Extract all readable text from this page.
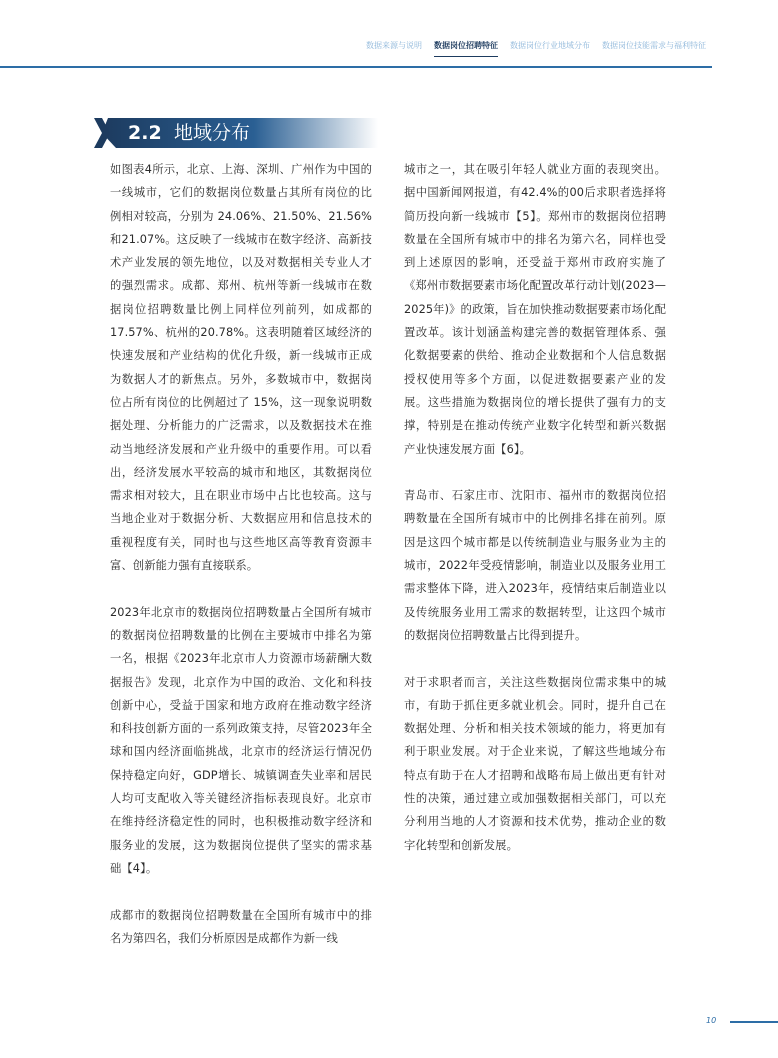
数据来源与说明 数据岗位招聘特征 数据岗位行业地域分布 数据岗位技能需求与福利特征
2.2 地域分布

如图表4所示，北京、上海、深圳、广州作为中国的一线城市，它们的数据岗位数量占其所有岗位的比例相对较高，分别为 24.06%、21.50%、21.56%和21.07%。这反映了一线城市在数字经济、高新技术产业发展的领先地位，以及对数据相关专业人才的强烈需求。成都、郑州、杭州等新一线城市在数据岗位招聘数量比例上同样位列前列，如成都的17.57%、杭州的20.78%。这表明随着区域经济的快速发展和产业结构的优化升级，新一线城市正成为数据人才的新焦点。另外，多数城市中，数据岗位占所有岗位的比例超过了 15%，这一现象说明数据处理、分析能力的广泛需求，以及数据技术在推动当地经济发展和产业升级中的重要作用。可以看出，经济发展水平较高的城市和地区，其数据岗位需求相对较大，且在职业市场中占比也较高。这与当地企业对于数据分析、大数据应用和信息技术的重视程度有关，同时也与这些地区高等教育资源丰富、创新能力强有直接联系。

2023年北京市的数据岗位招聘数量占全国所有城市的数据岗位招聘数量的比例在主要城市中排名为第一名，根据《2023年北京市人力资源市场薪酬大数据报告》发现，北京作为中国的政治、文化和科技创新中心，受益于国家和地方政府在推动数字经济和科技创新方面的一系列政策支持，尽管2023年全球和国内经济面临挑战，北京市的经济运行情况仍保持稳定向好，GDP增长、城镇调查失业率和居民人均可支配收入等关键经济指标表现良好。北京市在维持经济稳定性的同时，也积极推动数字经济和服务业的发展，这为数据岗位提供了坚实的需求基础【4】。

成都市的数据岗位招聘数量在全国所有城市中的排名为第四名，我们分析原因是成都作为新一线

城市之一，其在吸引年轻人就业方面的表现突出。据中国新闻网报道，有42.4%的00后求职者选择将简历投向新一线城市【5】。郑州市的数据岗位招聘数量在全国所有城市中的排名为第六名，同样也受到上述原因的影响，还受益于郑州市政府实施了《郑州市数据要素市场化配置改革行动计划(2023—2025年)》的政策，旨在加快推动数据要素市场化配置改革。该计划涵盖构建完善的数据管理体系、强化数据要素的供给、推动企业数据和个人信息数据授权使用等多个方面，以促进数据要素产业的发展。这些措施为数据岗位的增长提供了强有力的支撑，特别是在推动传统产业数字化转型和新兴数据产业快速发展方面【6】。

青岛市、石家庄市、沈阳市、福州市的数据岗位招聘数量在全国所有城市中的比例排名排在前列。原因是这四个城市都是以传统制造业与服务业为主的城市，2022年受疫情影响，制造业以及服务业用工需求整体下降，进入2023年，疫情结束后制造业以及传统服务业用工需求的数据转型，让这四个城市的数据岗位招聘数量占比得到提升。

对于求职者而言，关注这些数据岗位需求集中的城市，有助于抓住更多就业机会。同时，提升自己在数据处理、分析和相关技术领域的能力，将更加有利于职业发展。对于企业来说，了解这些地域分布特点有助于在人才招聘和战略布局上做出更有针对性的决策，通过建立或加强数据相关部门，可以充分利用当地的人才资源和技术优势，推动企业的数字化转型和创新发展。

10
